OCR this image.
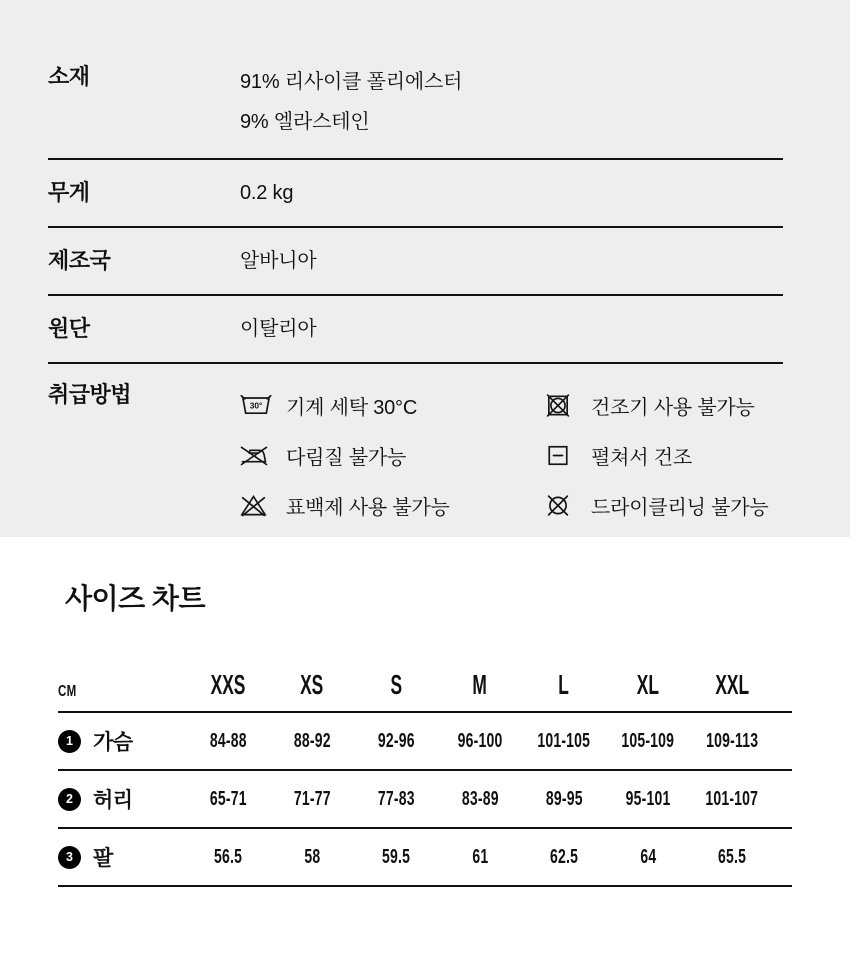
소재	91% 리사이클 폴리에스터
9% 엘라스테인
무게	0.2 kg
제조국	알바니아
원단	이탈리아
취급방법	30° 기계 세탁 30°C
다림질 불가능
표백제 사용 불가능
건조기 사용 불가능
펼쳐서 건조
드라이클리닝 불가능
사이즈 차트
CM	XXS	XS	S	M	L	XL	XXL
1 가슴	84-88	88-92	92-96	96-100	101-105	105-109	109-113
2 허리	65-71	71-77	77-83	83-89	89-95	95-101	101-107
3 팔	56.5	58	59.5	61	62.5	64	65.5
